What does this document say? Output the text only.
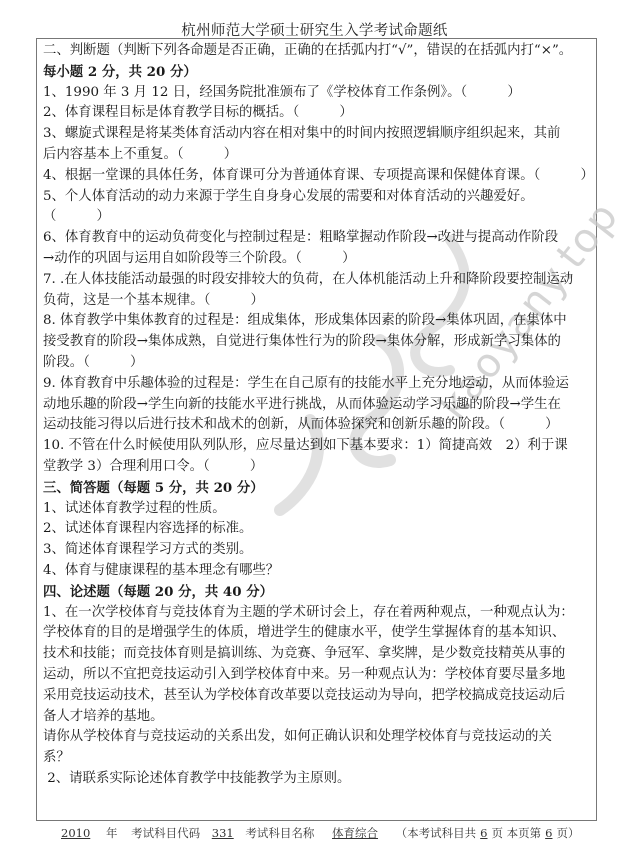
杭州师范大学硕士研究生入学考试命题纸
kaoyany.top
二、判断题（判断下列各命题是否正确，正确的在括弧内打“√”，错误的在括弧内打“×”。
每小题 2 分，共 20 分）
1、1990 年 3 月 12 日，经国务院批准颁布了《学校体育工作条例》。（　　　）
2、体育课程目标是体育教学目标的概括。（　　　）
3、螺旋式课程是将某类体育活动内容在相对集中的时间内按照逻辑顺序组织起来，其前
后内容基本上不重复。（　　　）
4、根据一堂课的具体任务，体育课可分为普通体育课、专项提高课和保健体育课。（　　　）
5、个人体育活动的动力来源于学生自身身心发展的需要和对体育活动的兴趣爱好。
（　　　）
6、体育教育中的运动负荷变化与控制过程是：粗略掌握动作阶段→改进与提高动作阶段
→动作的巩固与运用自如阶段等三个阶段。（　　　）
7. .在人体技能活动最强的时段安排较大的负荷，在人体机能活动上升和降阶段要控制运动
负荷，这是一个基本规律。（　　　）
8. 体育教学中集体教育的过程是：组成集体，形成集体因素的阶段→集体巩固，在集体中
接受教育的阶段→集体成熟，自觉进行集体性行为的阶段→集体分解，形成新学习集体的
阶段。（　　　）
9. 体育教育中乐趣体验的过程是：学生在自己原有的技能水平上充分地运动，从而体验运
动地乐趣的阶段→学生向新的技能水平进行挑战，从而体验运动学习乐趣的阶段→学生在
运动技能习得以后进行技术和战术的创新，从而体验探究和创新乐趣的阶段。（　　　）
10. 不管在什么时候使用队列队形，应尽量达到如下基本要求：1）简捷高效　2）利于课
堂教学 3）合理利用口令。（　　　）
三、简答题（每题 5 分，共 20 分）
1、试述体育教学过程的性质。
2、试述体育课程内容选择的标准。
3、简述体育课程学习方式的类别。
4、体育与健康课程的基本理念有哪些？
四、论述题（每题 20 分，共 40 分）
1、在一次学校体育与竞技体育为主题的学术研讨会上，存在着两种观点，一种观点认为：
学校体育的目的是增强学生的体质，增进学生的健康水平，使学生掌握体育的基本知识、
技术和技能；而竞技体育则是搞训练、为竞赛、争冠军、拿奖牌，是少数竞技精英从事的
运动，所以不宜把竞技运动引入到学校体育中来。另一种观点认为：学校体育要尽量多地
采用竞技运动技术，甚至认为学校体育改革要以竞技运动为导向，把学校搞成竞技运动后
备人才培养的基地。
请你从学校体育与竞技运动的关系出发，如何正确认识和处理学校体育与竞技运动的关
系？
2、请联系实际论述体育教学中技能教学为主原则。
2010 年 考试科目代码 331 考试科目名称 体育综合 （本考试科目共 6 页 本页第 6 页）
